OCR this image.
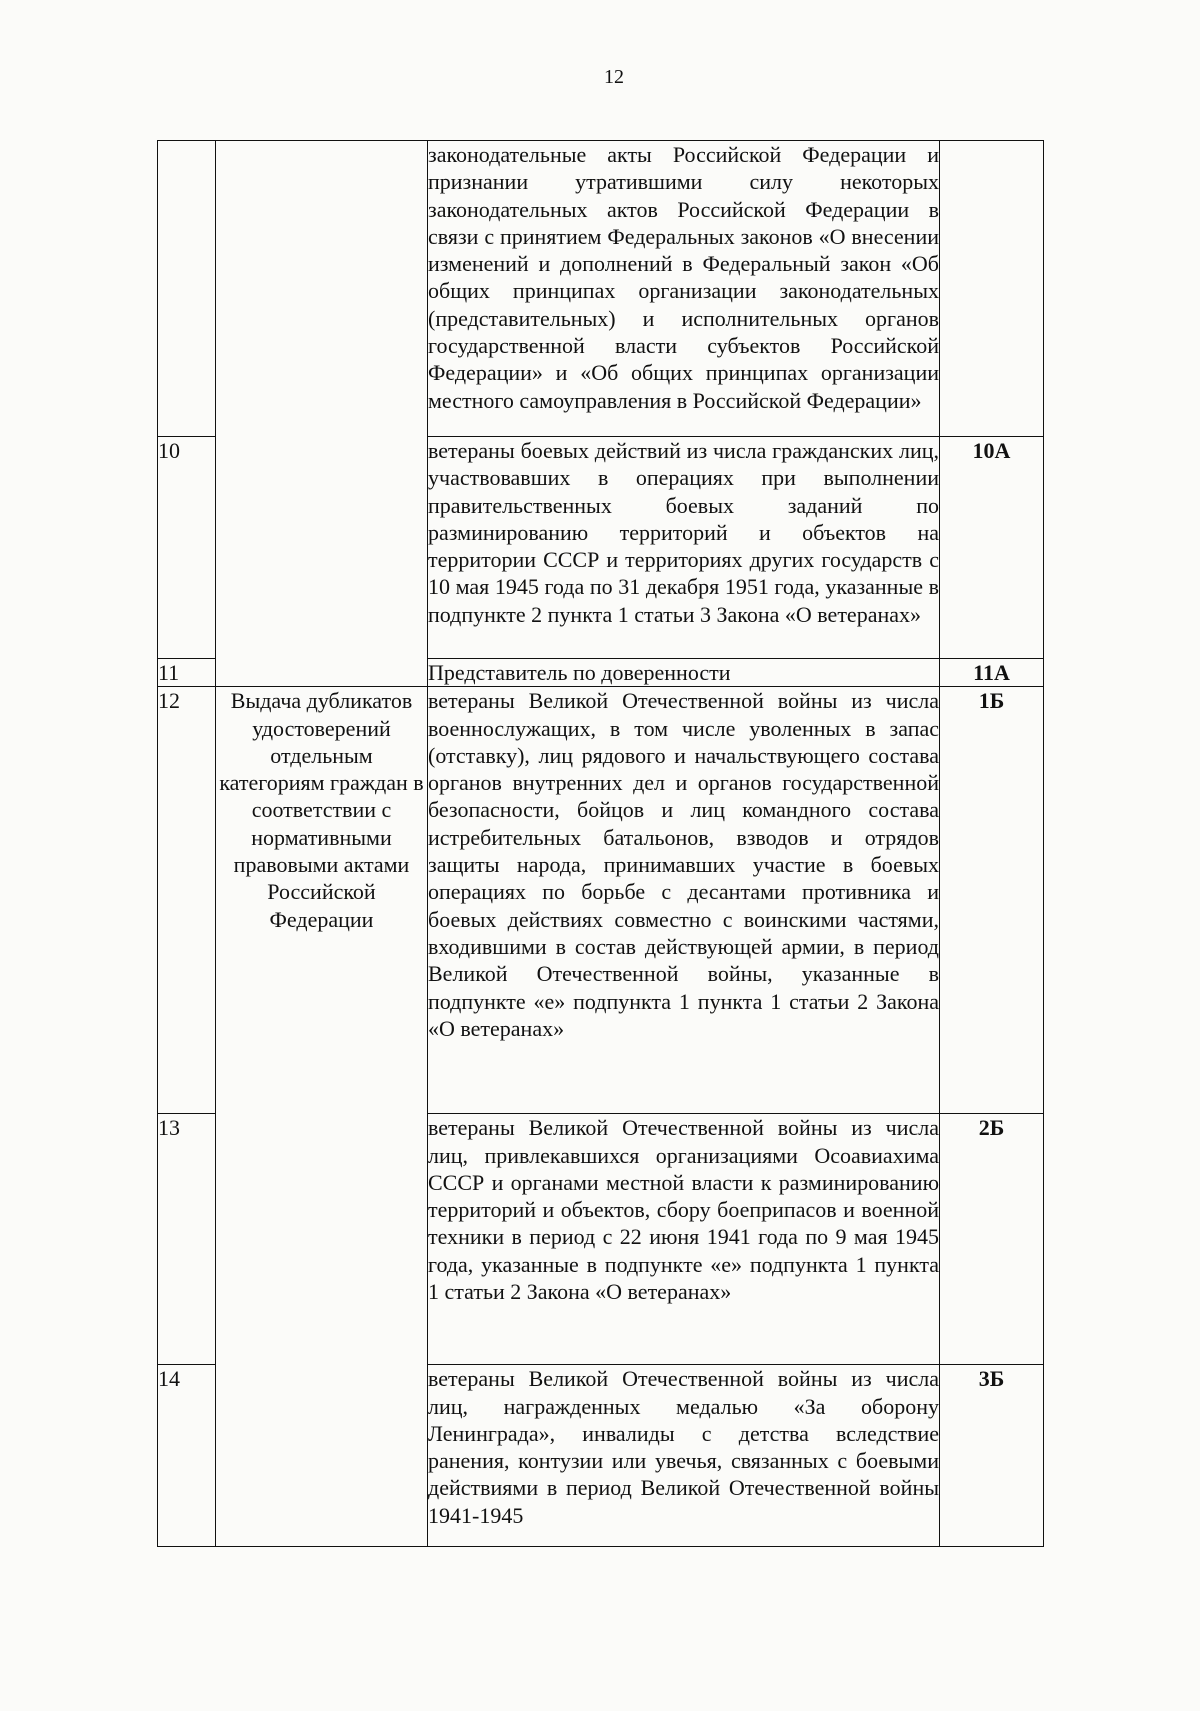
12
		законодательные акты Российской Федерации и признании утратившими силу некоторых законодательных актов Российской Федерации в связи с принятием Федеральных законов «О внесении изменений и дополнений в Федеральный закон «Об общих принципах организации законодательных (представительных) и исполнительных органов государственной власти субъектов Российской Федерации» и «Об общих принципах организации местного самоуправления в Российской Федерации»	
10		ветераны боевых действий из числа гражданских лиц, участвовавших в операциях при выполнении правительственных боевых заданий по разминированию территорий и объектов на территории СССР и территориях других государств с 10 мая 1945 года по 31 декабря 1951 года, указанные в подпункте 2 пункта 1 статьи 3 Закона «О ветеранах»	10А
11		Представитель по доверенности	11А
12	Выдача дубликатов удостоверений отдельным категориям граждан в соответствии с нормативными правовыми актами Российской Федерации	ветераны Великой Отечественной войны из числа военнослужащих, в том числе уволенных в запас (отставку), лиц рядового и начальствующего состава органов внутренних дел и органов государственной безопасности, бойцов и лиц командного состава истребительных батальонов, взводов и отрядов защиты народа, принимавших участие в боевых операциях по борьбе с десантами противника и боевых действиях совместно с воинскими частями, входившими в состав действующей армии, в период Великой Отечественной войны, указанные в подпункте «е» подпункта 1 пункта 1 статьи 2 Закона «О ветеранах»	1Б
13		ветераны Великой Отечественной войны из числа лиц, привлекавшихся организациями Осоавиахима СССР и органами местной власти к разминированию территорий и объектов, сбору боеприпасов и военной техники в период с 22 июня 1941 года по 9 мая 1945 года, указанные в подпункте «е» подпункта 1 пункта 1 статьи 2 Закона «О ветеранах»	2Б
14		ветераны Великой Отечественной войны из числа лиц, награжденных медалью «За оборону Ленинграда», инвалиды с детства вследствие ранения, контузии или увечья, связанных с боевыми действиями в период Великой Отечественной войны 1941-1945	3Б
